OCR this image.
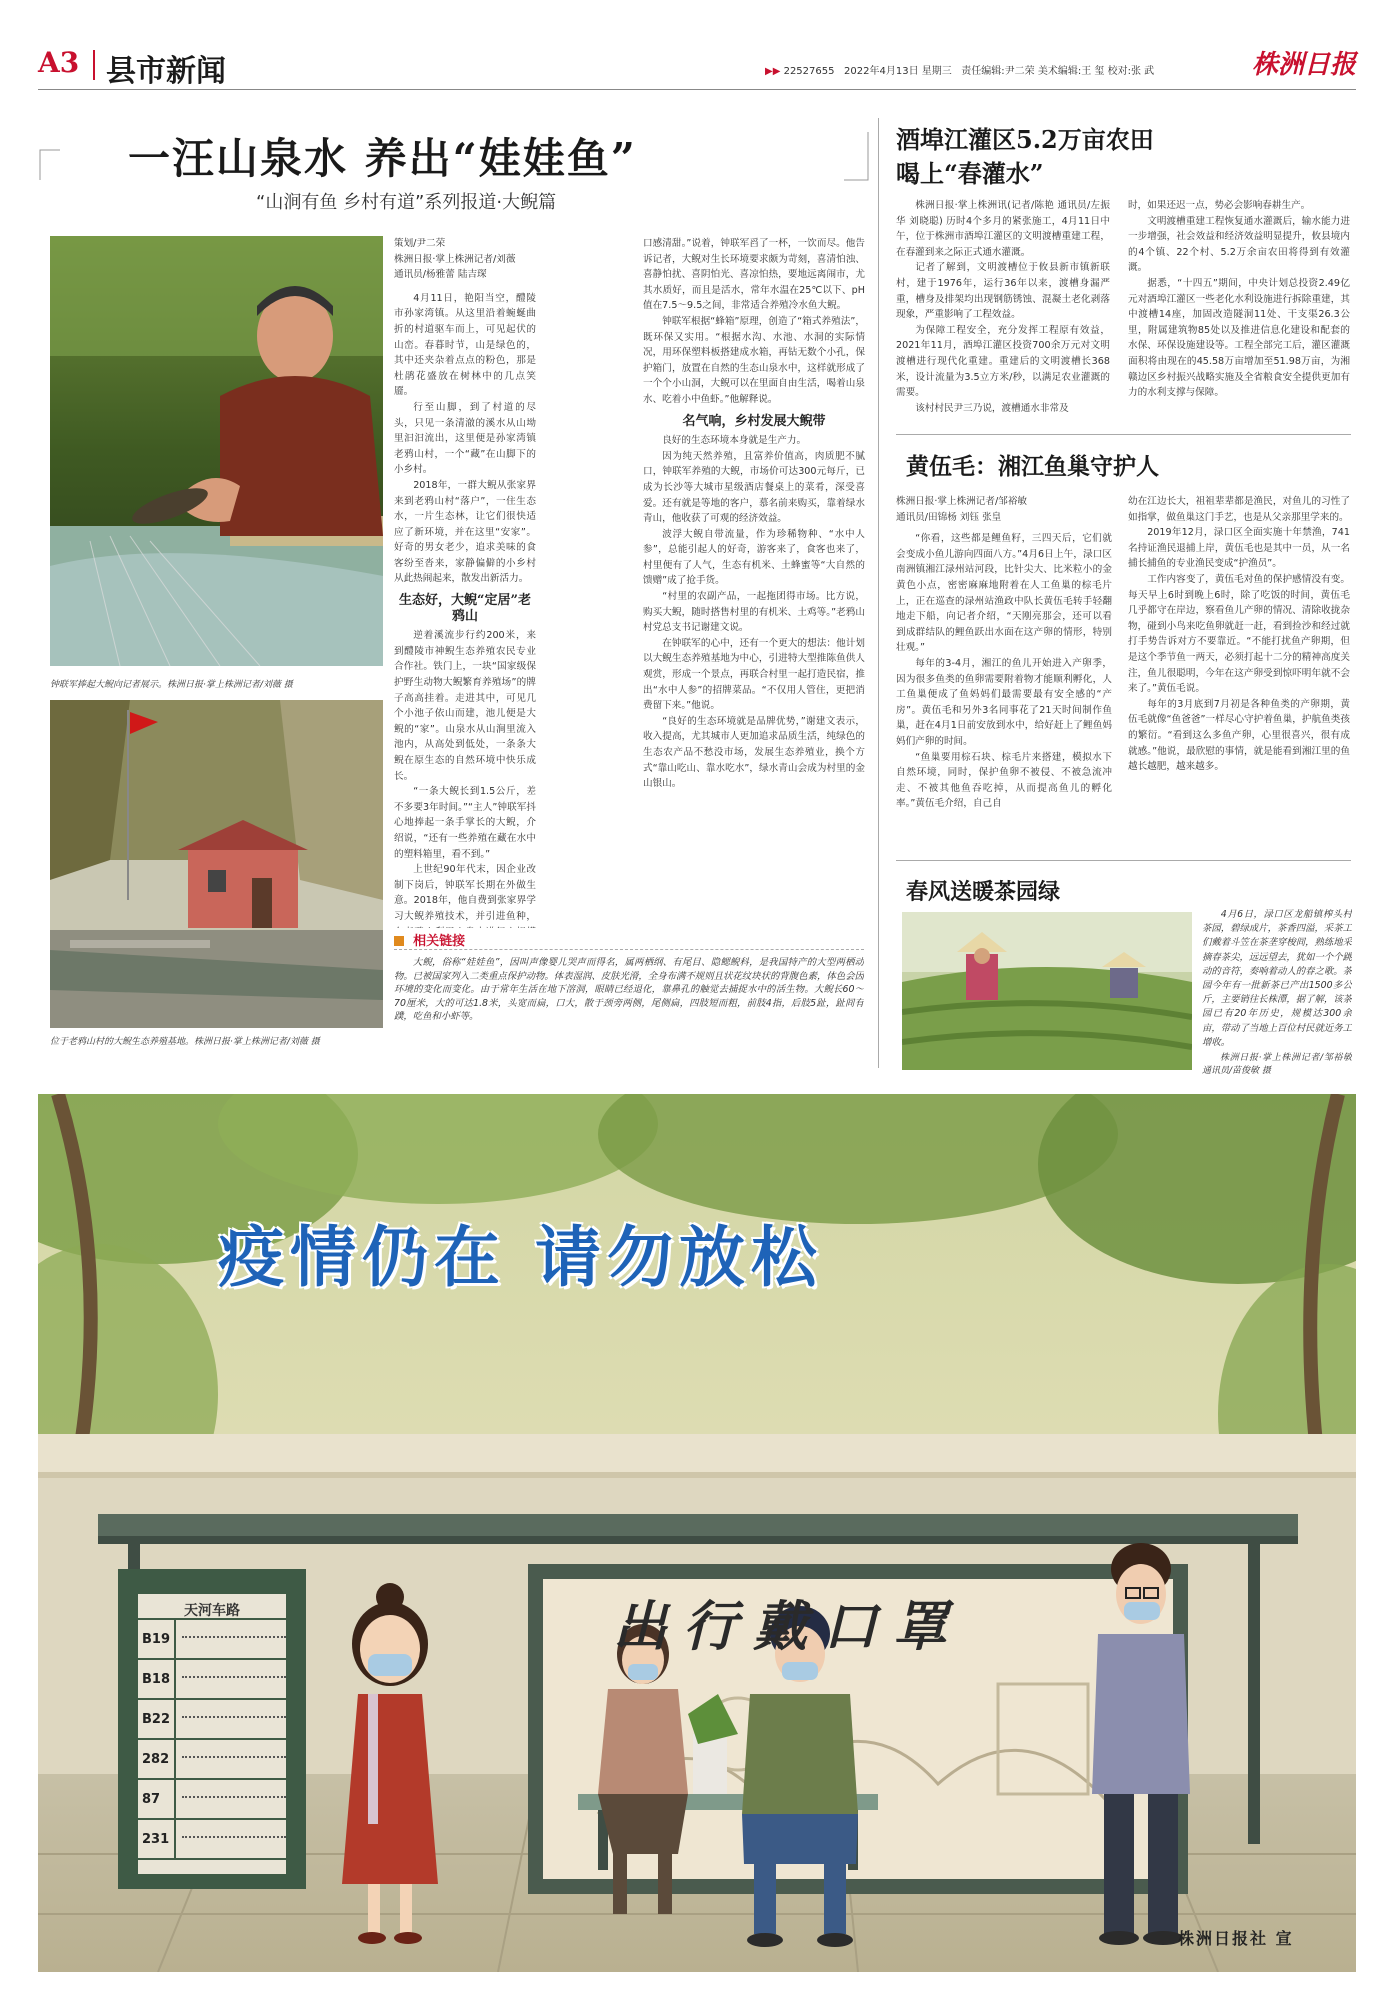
A3 县市新闻	▶▶ 22527655 2022年4月13日 星期三 责任编辑:尹二荣 美术编辑:王 玺 校对:张 武	株洲日报
一汪山泉水 养出“娃娃鱼”
“山涧有鱼 乡村有道”系列报道·大鲵篇
钟联军捧起大鲵向记者展示。株洲日报·掌上株洲记者/刘薇 摄
位于老鸦山村的大鲵生态养殖基地。株洲日报·掌上株洲记者/刘薇 摄
策划/尹二荣
株洲日报·掌上株洲记者/刘薇
通讯员/杨雅蕾 陆吉琛

4月11日，艳阳当空，醴陵市孙家湾镇。从这里沿着蜿蜒曲折的村道驱车而上，可见起伏的山峦。春暮时节，山是绿色的，其中还夹杂着点点的粉色，那是杜鹃花盛放在树林中的几点笑靥。

行至山脚，到了村道的尽头，只见一条清澈的溪水从山坳里汩汩流出，这里便是孙家湾镇老鸦山村，一个“藏”在山脚下的小乡村。

2018年，一群大鲵从张家界来到老鸦山村“落户”，一住生态水，一片生态林，让它们很快适应了新环境，并在这里“安家”。好奇的男女老少，追求美味的食客纷至沓来，家静偏僻的小乡村从此热闹起来，散发出新活力。

生态好，大鲵“定居”老鸦山

逆着溪流步行约200米，来到醴陵市神鲵生态养殖农民专业合作社。铁门上，一块“国家级保护野生动物大鲵繁育养殖场”的牌子高高挂着。走进其中，可见几个小池子依山而建，池儿便是大鲵的“家”。山泉水从山涧里流入池内，从高处到低处，一条条大鲵在原生态的自然环境中快乐成长。

“一条大鲵长到1.5公斤，差不多要3年时间。”“主人”钟联军抖心地捧起一条手掌长的大鲵，介绍说，“还有一些养殖在藏在水中的塑料箱里，看不到。”

上世纪90年代末，因企业改制下岗后，钟联军长期在外做生意。2018年，他自费到张家界学习大鲵养殖技术，并引进鱼种，

口感清甜。”说着，钟联军舀了一杯，一饮而尽。他告诉记者，大鲵对生长环境要求颇为苛刻，喜清怕浊、喜静怕扰、喜阴怕光、喜凉怕热，要地远离闹市，尤其水质好，而且是活水，常年水温在25℃以下、pH值在7.5～9.5之间，非常适合养殖冷水鱼大鲵。

钟联军根据“蜂箱”原理，创造了“箱式养殖法”，既环保又实用。“根据水沟、水池、水洞的实际情况，用环保塑料板搭建成水箱，再钻无数个小孔，保护箱门，放置在自然的生态山泉水中，这样就形成了一个个小山洞，大鲵可以在里面自由生活，喝着山泉水、吃着小中鱼虾。”他解释说。

名气响，乡村发展大鲵带

良好的生态环境本身就是生产力。

因为纯天然养殖，且富养价值高，肉质肥不腻口，钟联军养殖的大鲵，市场价可达300元每斤，已成为长沙等大城市星级酒店餐桌上的菜肴，深受喜爱。还有就是等地的客户，慕名前来购买，靠着绿水青山，他收获了可观的经济效益。

波浮大鲵自带流量，作为珍稀物种、“水中人参”，总能引起人的好奇，游客来了，食客也来了，村里便有了人气，生态有机米、土蜂蜜等“大自然的馈赠”成了抢手货。

“村里的农副产品，一起拖团得市场。比方说，购买大鲵，随时搭售村里的有机米、土鸡等。”老鸦山村党总支书记谢建文说。

在钟联军的心中，还有一个更大的想法：他计划以大鲵生态养殖基地为中心，引进特大型推陈鱼供人观赏，形成一个景点，再联合村里一起打造民宿，推出“水中人参”的招牌菜品。“不仅用人管住，更把消费留下来。”他说。

“良好的生态环境就是品牌优势，”谢建文表示，收入提高，尤其城市人更加追求品质生活，纯绿色的生态农产品不愁没市场，发展生态养殖业，换个方式“靠山吃山、靠水吃水”，绿水青山会成为村里的金山银山。

相关链接
大鲵，俗称“娃娃鱼”，因叫声像婴儿哭声而得名，属两栖纲、有尾目、隐鳃鲵科，是我国特产的大型两栖动物。已被国家列入二类重点保护动物。体表湿润、皮肤光滑，全身布满不规则且状花纹块状的背腹色素，体色会因环境的变化而变化。由于常年生活在地下溶洞，眼睛已经退化，靠鼻孔的触觉去捕捉水中的活生物。大鲵长60～70厘米，大的可达1.8米，头宽而扁，口大，散于颈旁两侧，尾侧扁，四肢短而粗，前肢4指，后肢5趾，趾间有蹼，吃鱼和小虾等。
酒埠江灌区5.2万亩农田
喝上“春灌水”

株洲日报·掌上株洲讯(记者/陈艳 通讯员/左振华 刘晓聪) 历时4个多月的紧张施工，4月11日中午，位于株洲市酒埠江灌区的文明渡槽重建工程，在春灌到来之际正式通水灌溉。

记者了解到，文明渡槽位于攸县新市镇新联村，建于1976年，运行36年以来，渡槽身漏严重，槽身及排架均出现钢筋锈蚀、混凝土老化剥落现象，严重影响了工程效益。

为保障工程安全，充分发挥工程原有效益，2021年11月，酒埠江灌区投资700余万元对文明渡槽进行现代化重建。重建后的文明渡槽长368米，设计流量为3.5立方米/秒，以满足农业灌溉的需要。

该村村民尹三乃说，渡槽通水非常及

时，如果还迟一点，势必会影响春耕生产。

文明渡槽重建工程恢复通水灌溉后，输水能力进一步增强，社会效益和经济效益明显提升，攸县境内的4个镇、22个村、5.2万余亩农田将得到有效灌溉。

据悉，“十四五”期间，中央计划总投资2.49亿元对酒埠江灌区一些老化水利设施进行拆除重建，其中渡槽14座，加固改造隧洞11处、干支渠26.3公里，附属建筑物85处以及推进信息化建设和配套的水保、环保设施建设等。工程全部完工后，灌区灌溉面积将由现在的45.58万亩增加至51.98万亩，为湘赣边区乡村振兴战略实施及全省粮食安全提供更加有力的水利支撑与保障。

黄伍毛：湘江鱼巢守护人
株洲日报·掌上株洲记者/邹裕敏
通讯员/田锦杨 刘钰 张皇

“你看，这些都是鲤鱼籽，三四天后，它们就会变成小鱼儿游向四面八方。”4月6日上午，渌口区南洲镇湘江渌州站河段，比针尖大、比米粒小的金黄色小点，密密麻麻地附着在人工鱼巢的棕毛片上，正在巡查的渌州站渔政中队长黄伍毛转手轻翻地走下船，向记者介绍，“天刚亮那会，还可以看到成群结队的鲤鱼跃出水面在这产卵的情形，特别壮观。”

每年的3-4月，湘江的鱼儿开始进入产卵季，因为很多鱼类的鱼卵需要附着物才能顺利孵化，人工鱼巢便成了鱼妈妈们最需要最有安全感的“产房”。黄伍毛和另外3名同事花了21天时间制作鱼巢，赶在4月1日前安放到水中，给好赶上了鲤鱼妈妈们产卵的时间。

“鱼巢要用棕石块、棕毛片来搭建，模拟水下自然环境，同时，保护鱼卵不被侵、不被急流冲走、不被其他鱼吞吃掉，从而提高鱼儿的孵化率。”黄伍毛介绍，自己自

幼在江边长大，祖祖辈辈都是渔民，对鱼儿的习性了如指掌，做鱼巢这门手艺，也是从父亲那里学来的。

2019年12月，渌口区全面实施十年禁渔，741名持证渔民退捕上岸，黄伍毛也是其中一员，从一名捕长捕鱼的专业渔民变成“护渔员”。

工作内容变了，黄伍毛对鱼的保护感情没有变。每天早上6时到晚上6时，除了吃饭的时间，黄伍毛几乎都守在岸边，察看鱼儿产卵的情况、清除收拢杂物，碰到小鸟来吃鱼卵就赶一赶，看到捡沙和经过就打手势告诉对方不要靠近。“不能打扰鱼产卵期，但是这个季节鱼一两天，必须打起十二分的精神高度关注，鱼儿很聪明，今年在这产卵受到惊吓明年就不会来了。”黄伍毛说。

每年的3月底到7月初是各种鱼类的产卵期，黄伍毛就像“鱼爸爸”一样尽心守护着鱼巢，护航鱼类孩的繁衍。“看到这么多鱼产卵，心里很喜兴，很有成就感。”他说，最欣慰的事情，就是能看到湘江里的鱼越长越肥，越来越多。

春风送暖茶园绿
4月6日，渌口区龙船镇榨头村茶园，碧绿成片，茶香四溢，采茶工们戴着斗笠在茶垄穿梭间，熟练地采摘春茶尖，远远望去，犹如一个个跳动的音符，奏响着动人的春之歌。茶园今年有一批新茶已产出1500多公斤，主要销往长株潭，据了解，该茶园已有20年历史，规模达300余亩，带动了当地上百位村民就近务工增收。
株洲日报·掌上株洲记者/邹裕敏 通讯员/苗俊敏 摄
疫情仍在 请勿放松
出行戴口罩
天河车路
B19
B18
B22
282
87
231
株洲日报社 宣
